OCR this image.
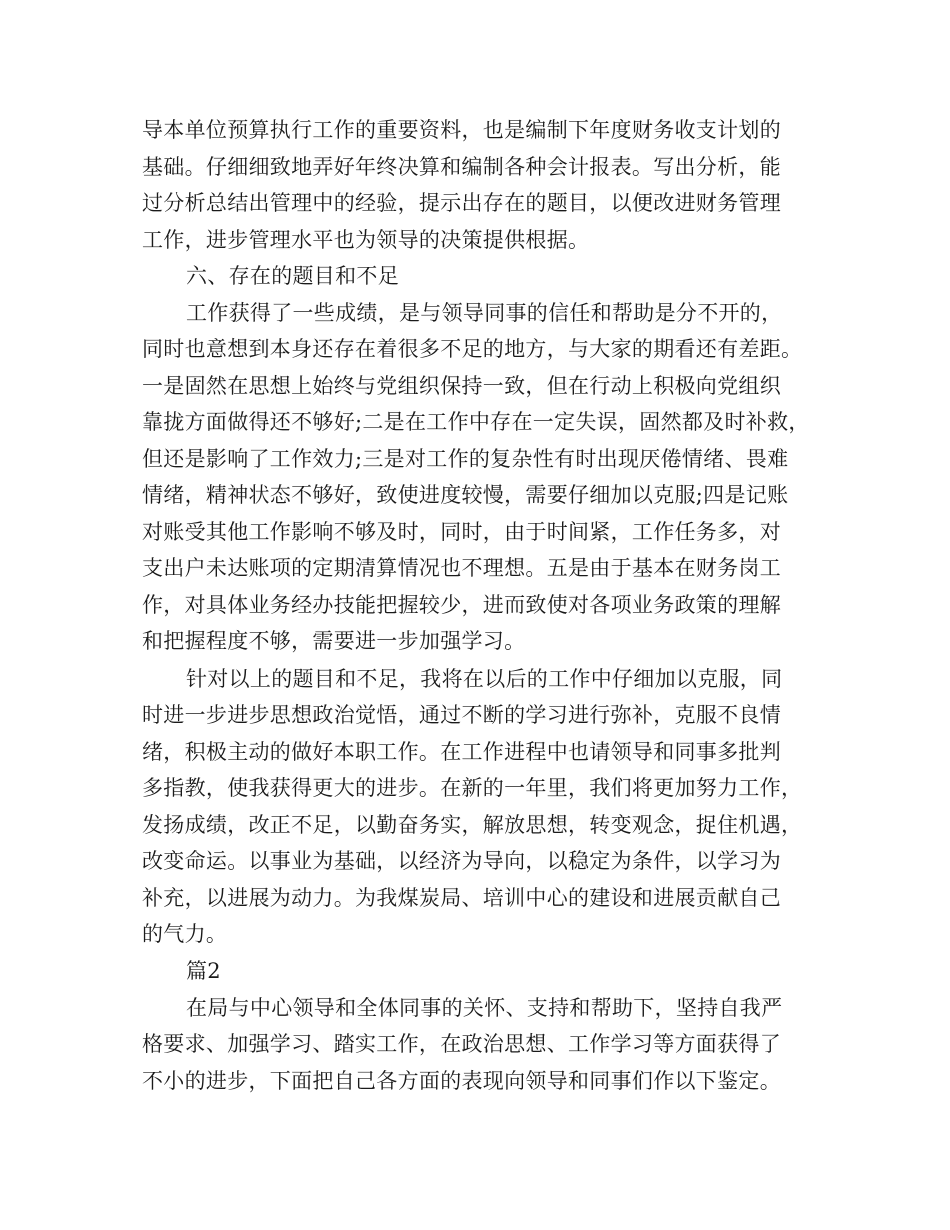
导本单位预算执行工作的重要资料，也是编制下年度财务收支计划的
基础。仔细细致地弄好年终决算和编制各种会计报表。写出分析，能
过分析总结出管理中的经验，提示出存在的题目，以便改进财务管理
工作，进步管理水平也为领导的决策提供根据。
六、存在的题目和不足
工作获得了一些成绩，是与领导同事的信任和帮助是分不开的，
同时也意想到本身还存在着很多不足的地方，与大家的期看还有差距。
一是固然在思想上始终与党组织保持一致，但在行动上积极向党组织
靠拢方面做得还不够好;二是在工作中存在一定失误，固然都及时补救，
但还是影响了工作效力;三是对工作的复杂性有时出现厌倦情绪、畏难
情绪，精神状态不够好，致使进度较慢，需要仔细加以克服;四是记账
对账受其他工作影响不够及时，同时，由于时间紧，工作任务多，对
支出户未达账项的定期清算情况也不理想。五是由于基本在财务岗工
作，对具体业务经办技能把握较少，进而致使对各项业务政策的理解
和把握程度不够，需要进一步加强学习。
针对以上的题目和不足，我将在以后的工作中仔细加以克服，同
时进一步进步思想政治觉悟，通过不断的学习进行弥补，克服不良情
绪，积极主动的做好本职工作。在工作进程中也请领导和同事多批判
多指教，使我获得更大的进步。在新的一年里，我们将更加努力工作，
发扬成绩，改正不足，以勤奋务实，解放思想，转变观念，捉住机遇，
改变命运。以事业为基础，以经济为导向，以稳定为条件，以学习为
补充，以进展为动力。为我煤炭局、培训中心的建设和进展贡献自己
的气力。
篇2
在局与中心领导和全体同事的关怀、支持和帮助下，坚持自我严
格要求、加强学习、踏实工作，在政治思想、工作学习等方面获得了
不小的进步，下面把自己各方面的表现向领导和同事们作以下鉴定。
